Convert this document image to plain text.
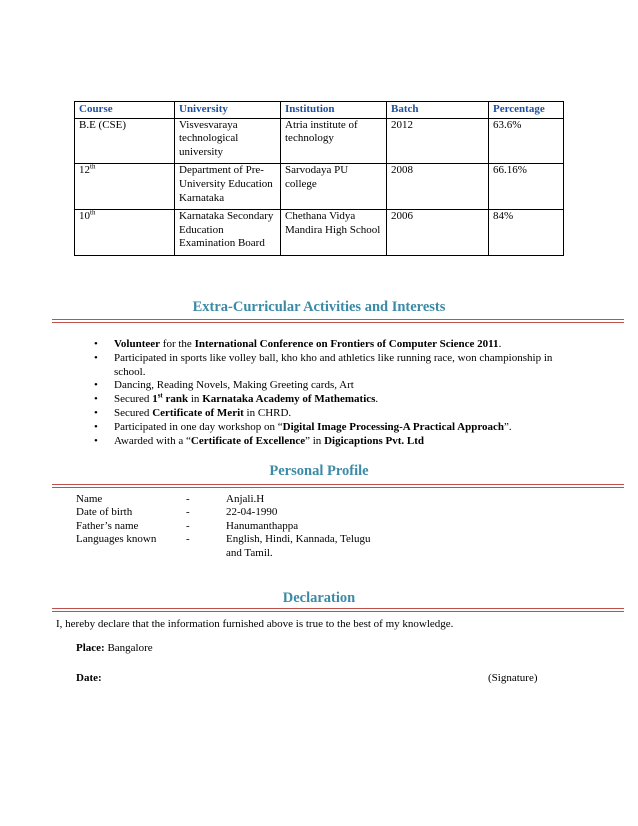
Course	University	Institution	Batch	Percentage
B.E (CSE)	Visvesvaraya technological university	Atria institute of technology	2012	63.6%
12th	Department of Pre-University Education Karnataka	Sarvodaya PU college	2008	66.16%
10th	Karnataka Secondary Education Examination Board	Chethana Vidya Mandira High School	2006	84%
Extra-Curricular Activities and Interests
• Volunteer for the International Conference on Frontiers of Computer Science 2011.
• Participated in sports like volley ball, kho kho and athletics like running race, won championship in school.
• Dancing, Reading Novels, Making Greeting cards, Art
• Secured 1st rank in Karnataka Academy of Mathematics.
• Secured Certificate of Merit in CHRD.
• Participated in one day workshop on “Digital Image Processing-A Practical Approach”.
• Awarded with a “Certificate of Excellence” in Digicaptions Pvt. Ltd
Personal Profile
Name	-	Anjali.H
Date of birth	-	22-04-1990
Father’s name	-	Hanumanthappa
Languages known	-	English, Hindi, Kannada, Telugu and Tamil.
Declaration
I, hereby declare that the information furnished above is true to the best of my knowledge.
Place: Bangalore
Date:	(Signature)
